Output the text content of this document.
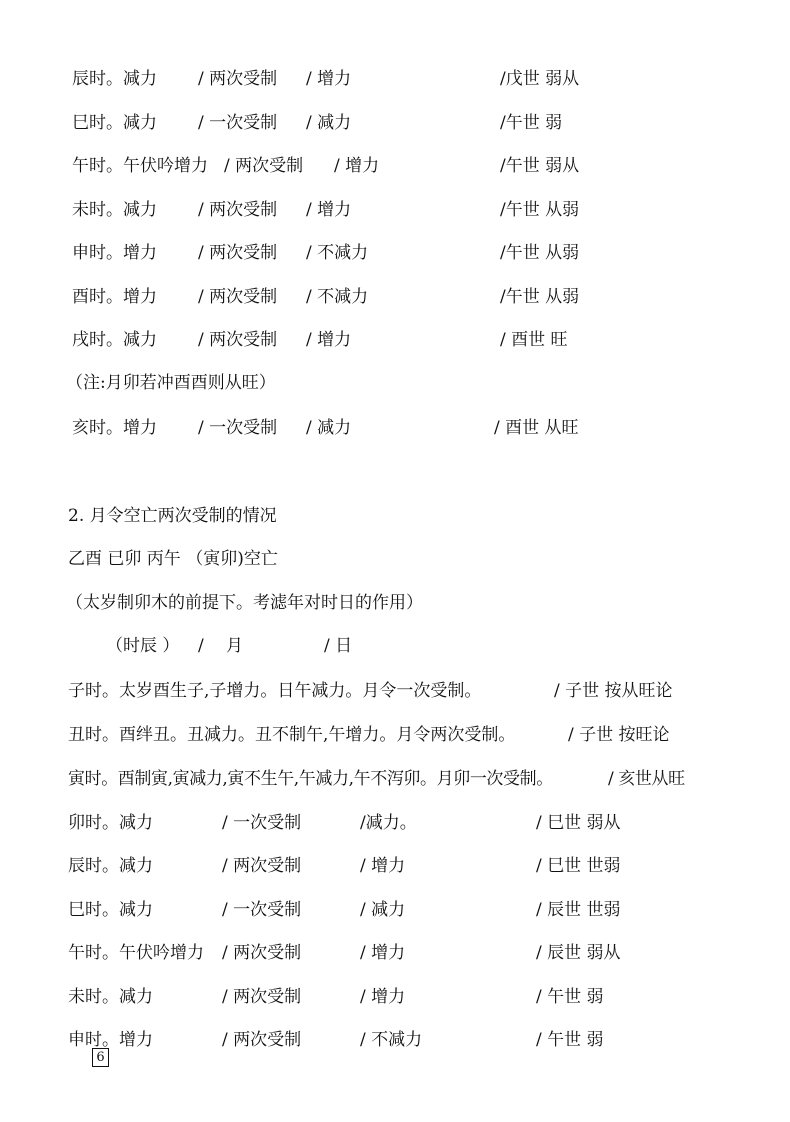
辰时。减力 / 两次受制 / 增力	/戊世 弱从
巳时。减力 / 一次受制 / 减力	/午世 弱
午时。午伏吟增力 / 两次受制 / 增力	/午世 弱从
未时。减力 / 两次受制 / 增力	/午世 从弱
申时。增力 / 两次受制 / 不减力	/午世 从弱
酉时。增力 / 两次受制 / 不减力	/午世 从弱
戌时。减力 / 两次受制 / 增力	/ 酉世 旺
（注:月卯若冲酉酉则从旺）
亥时。增力 / 一次受制 / 减力	/ 酉世 从旺
2. 月令空亡两次受制的情况
乙酉 已卯 丙午 （寅卯)空亡
（太岁制卯木的前提下。考滤年对时日的作用）
（时辰 ） / 月	/ 日
子时。太岁酉生子,子增力。日午减力。月令一次受制。	/ 子世 按从旺论
丑时。酉绊丑。丑减力。丑不制午,午增力。月令两次受制。	/ 子世 按旺论
寅时。酉制寅,寅减力,寅不生午,午减力,午不泻卯。月卯一次受制。	/ 亥世从旺
卯时。减力	/ 一次受制	/减力。	/ 巳世 弱从
辰时。减力	/ 两次受制	/ 增力	/ 巳世 世弱
巳时。减力	/ 一次受制	/ 减力	/ 辰世 世弱
午时。午伏吟增力 / 两次受制	/ 增力	/ 辰世 弱从
未时。减力	/ 两次受制	/ 增力	/ 午世 弱
申时。增力	/ 两次受制	/ 不减力	/ 午世 弱
6
